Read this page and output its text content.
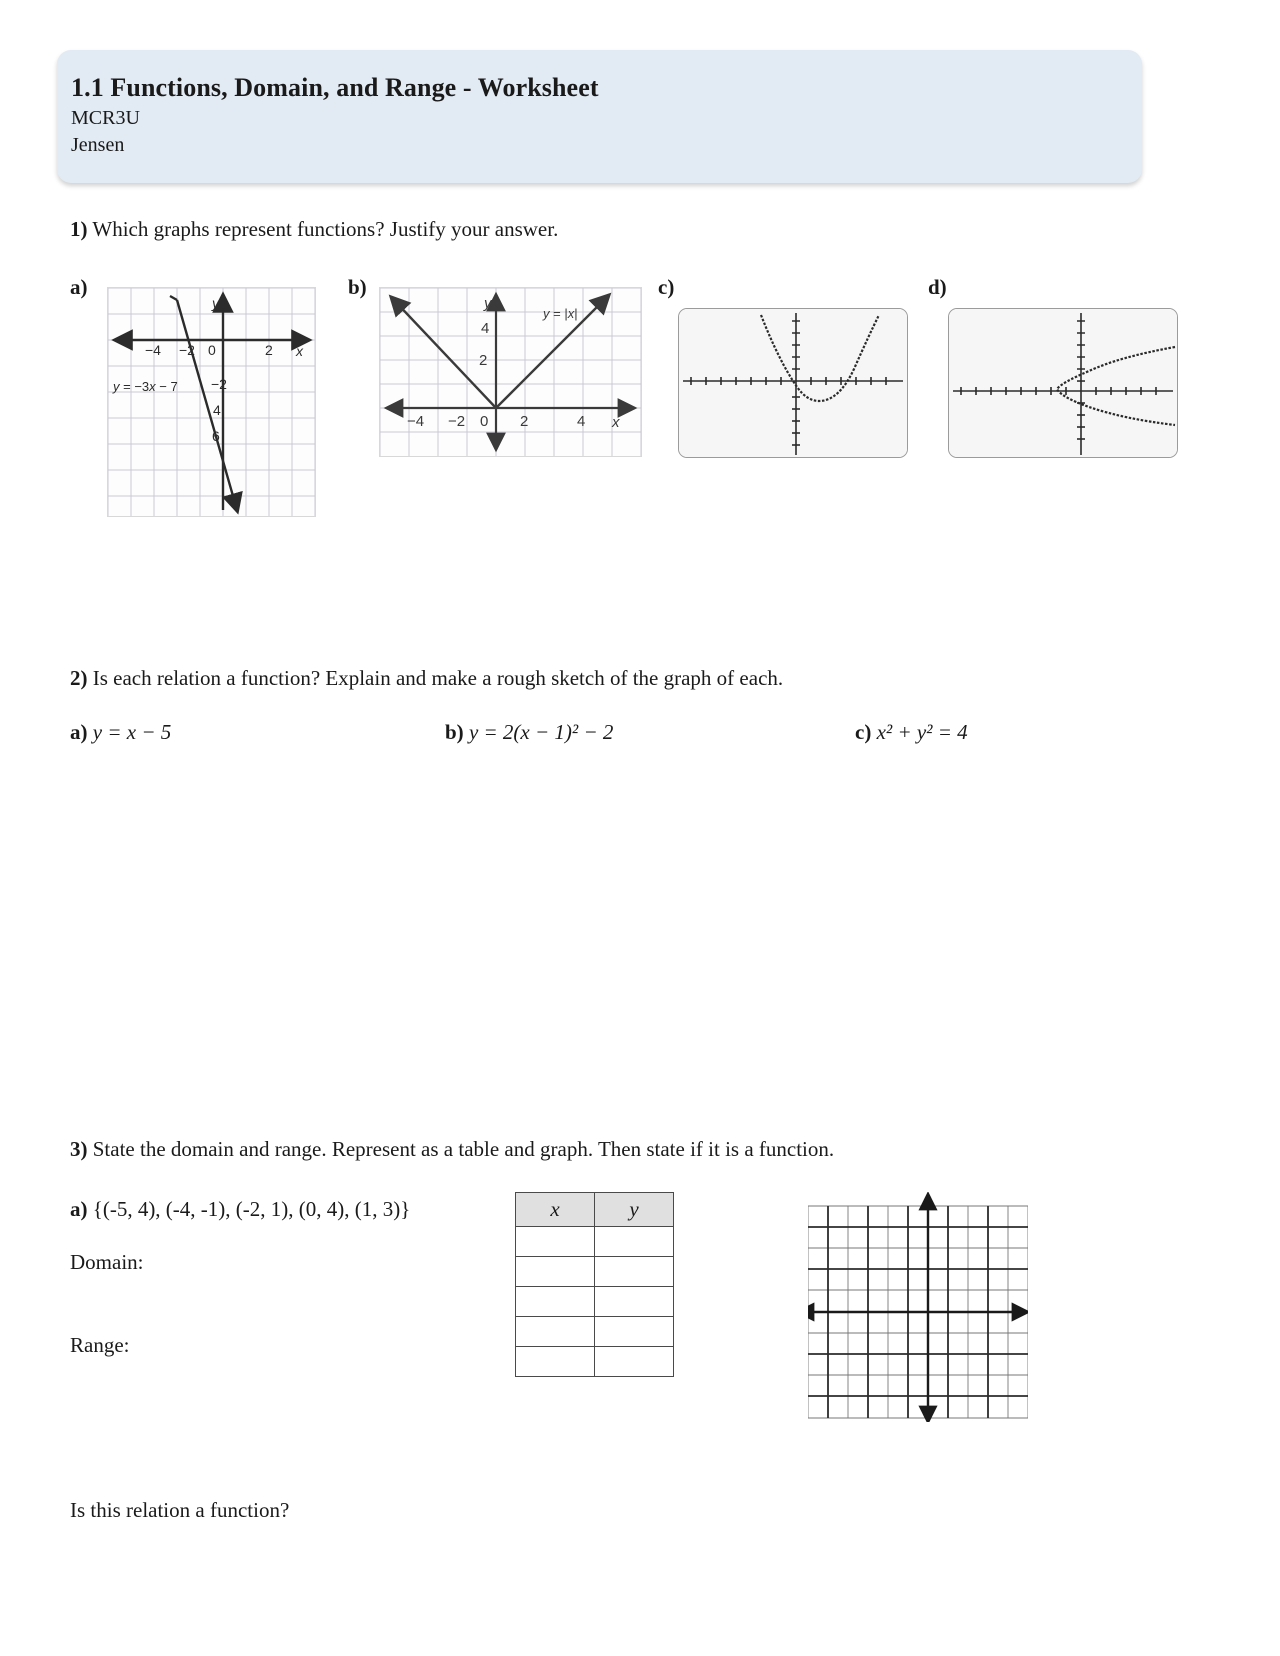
1.1 Functions, Domain, and Range - Worksheet
MCR3U
Jensen
1) Which graphs represent functions? Justify your answer.
a)	b)	c)	d)
−4 −2 0	2 x
y
−2
4
6
y = −3x − 7
−4 −2 0 2	4 x
y
4
2
y = |x|
2) Is each relation a function? Explain and make a rough sketch of the graph of each.
a) y = x − 5	b) y = 2(x − 1)² − 2	c) x² + y² = 4
3) State the domain and range. Represent as a table and graph. Then state if it is a function.
a) {(-5, 4), (-4, -1), (-2, 1), (0, 4), (1, 3)}
Domain:
Range:
Is this relation a function?
x	y
